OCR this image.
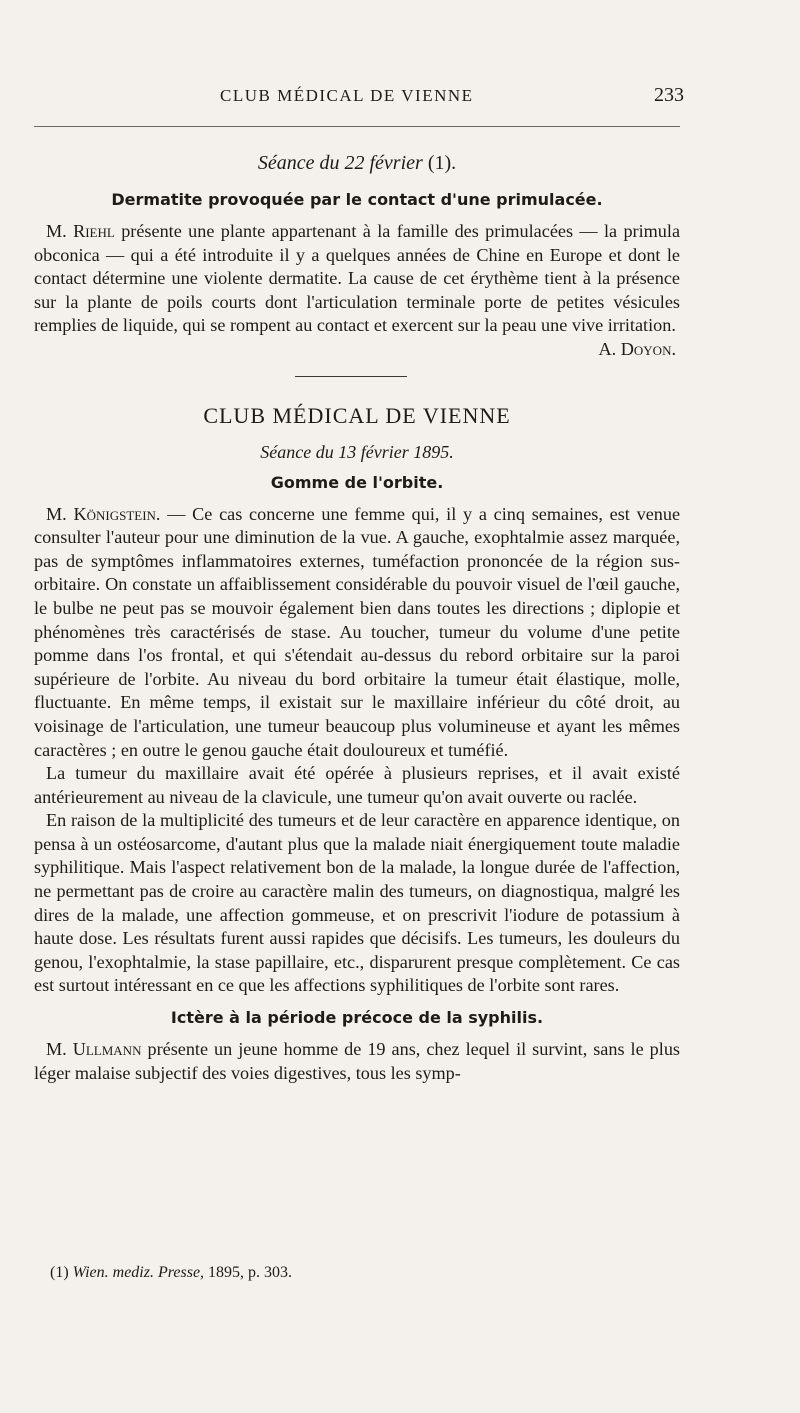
CLUB MÉDICAL DE VIENNE	233
Séance du 22 février (1).
Dermatite provoquée par le contact d'une primulacée.

M. Riehl présente une plante appartenant à la famille des primulacées — la primula obconica — qui a été introduite il y a quelques années de Chine en Europe et dont le contact détermine une violente dermatite. La cause de cet érythème tient à la présence sur la plante de poils courts dont l'articulation terminale porte de petites vésicules remplies de liquide, qui se rompent au contact et exercent sur la peau une vive irritation.

A. Doyon.

CLUB MÉDICAL DE VIENNE
Séance du 13 février 1895.
Gomme de l'orbite.

M. Königstein. — Ce cas concerne une femme qui, il y a cinq semaines, est venue consulter l'auteur pour une diminution de la vue. A gauche, exophtalmie assez marquée, pas de symptômes inflammatoires externes, tuméfaction prononcée de la région sus-orbitaire. On constate un affaiblissement considérable du pouvoir visuel de l'œil gauche, le bulbe ne peut pas se mouvoir également bien dans toutes les directions ; diplopie et phénomènes très caractérisés de stase. Au toucher, tumeur du volume d'une petite pomme dans l'os frontal, et qui s'étendait au-dessus du rebord orbitaire sur la paroi supérieure de l'orbite. Au niveau du bord orbitaire la tumeur était élastique, molle, fluctuante. En même temps, il existait sur le maxillaire inférieur du côté droit, au voisinage de l'articulation, une tumeur beaucoup plus volumineuse et ayant les mêmes caractères ; en outre le genou gauche était douloureux et tuméfié.

La tumeur du maxillaire avait été opérée à plusieurs reprises, et il avait existé antérieurement au niveau de la clavicule, une tumeur qu'on avait ouverte ou raclée.

En raison de la multiplicité des tumeurs et de leur caractère en apparence identique, on pensa à un ostéosarcome, d'autant plus que la malade niait énergiquement toute maladie syphilitique. Mais l'aspect relativement bon de la malade, la longue durée de l'affection, ne permettant pas de croire au caractère malin des tumeurs, on diagnostiqua, malgré les dires de la malade, une affection gommeuse, et on prescrivit l'iodure de potassium à haute dose. Les résultats furent aussi rapides que décisifs. Les tumeurs, les douleurs du genou, l'exophtalmie, la stase papillaire, etc., disparurent presque complètement. Ce cas est surtout intéressant en ce que les affections syphilitiques de l'orbite sont rares.

Ictère à la période précoce de la syphilis.

M. Ullmann présente un jeune homme de 19 ans, chez lequel il survint, sans le plus léger malaise subjectif des voies digestives, tous les symp-

(1) Wien. mediz. Presse, 1895, p. 303.
